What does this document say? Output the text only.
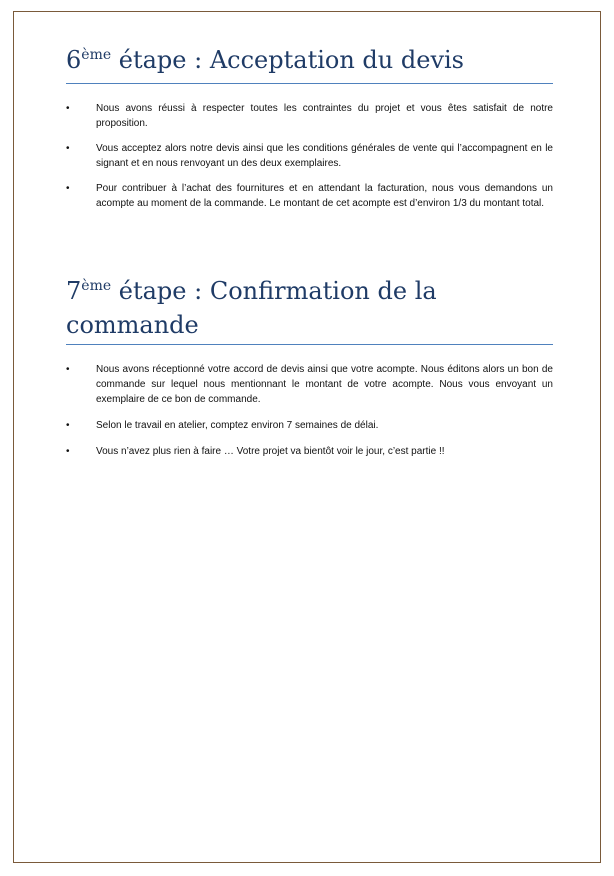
6ème étape : Acceptation du devis
•	Nous avons réussi à respecter toutes les contraintes du projet et vous êtes satisfait de notre proposition.
•	Vous acceptez alors notre devis ainsi que les conditions générales de vente qui l’accompagnent en le signant et en nous renvoyant un des deux exemplaires.
•	Pour contribuer à l’achat des fournitures et en attendant la facturation, nous vous demandons un acompte au moment de la commande. Le montant de cet acompte est d’environ 1/3 du montant total.
7ème étape : Confirmation de la commande
•	Nous avons réceptionné votre accord de devis ainsi que votre acompte. Nous éditons alors un bon de commande sur lequel nous mentionnant le montant de votre acompte. Nous vous envoyant un exemplaire de ce bon de commande.
•	Selon le travail en atelier, comptez environ 7 semaines de délai.
•	Vous n’avez plus rien à faire … Votre projet va bientôt voir le jour, c’est partie !!
